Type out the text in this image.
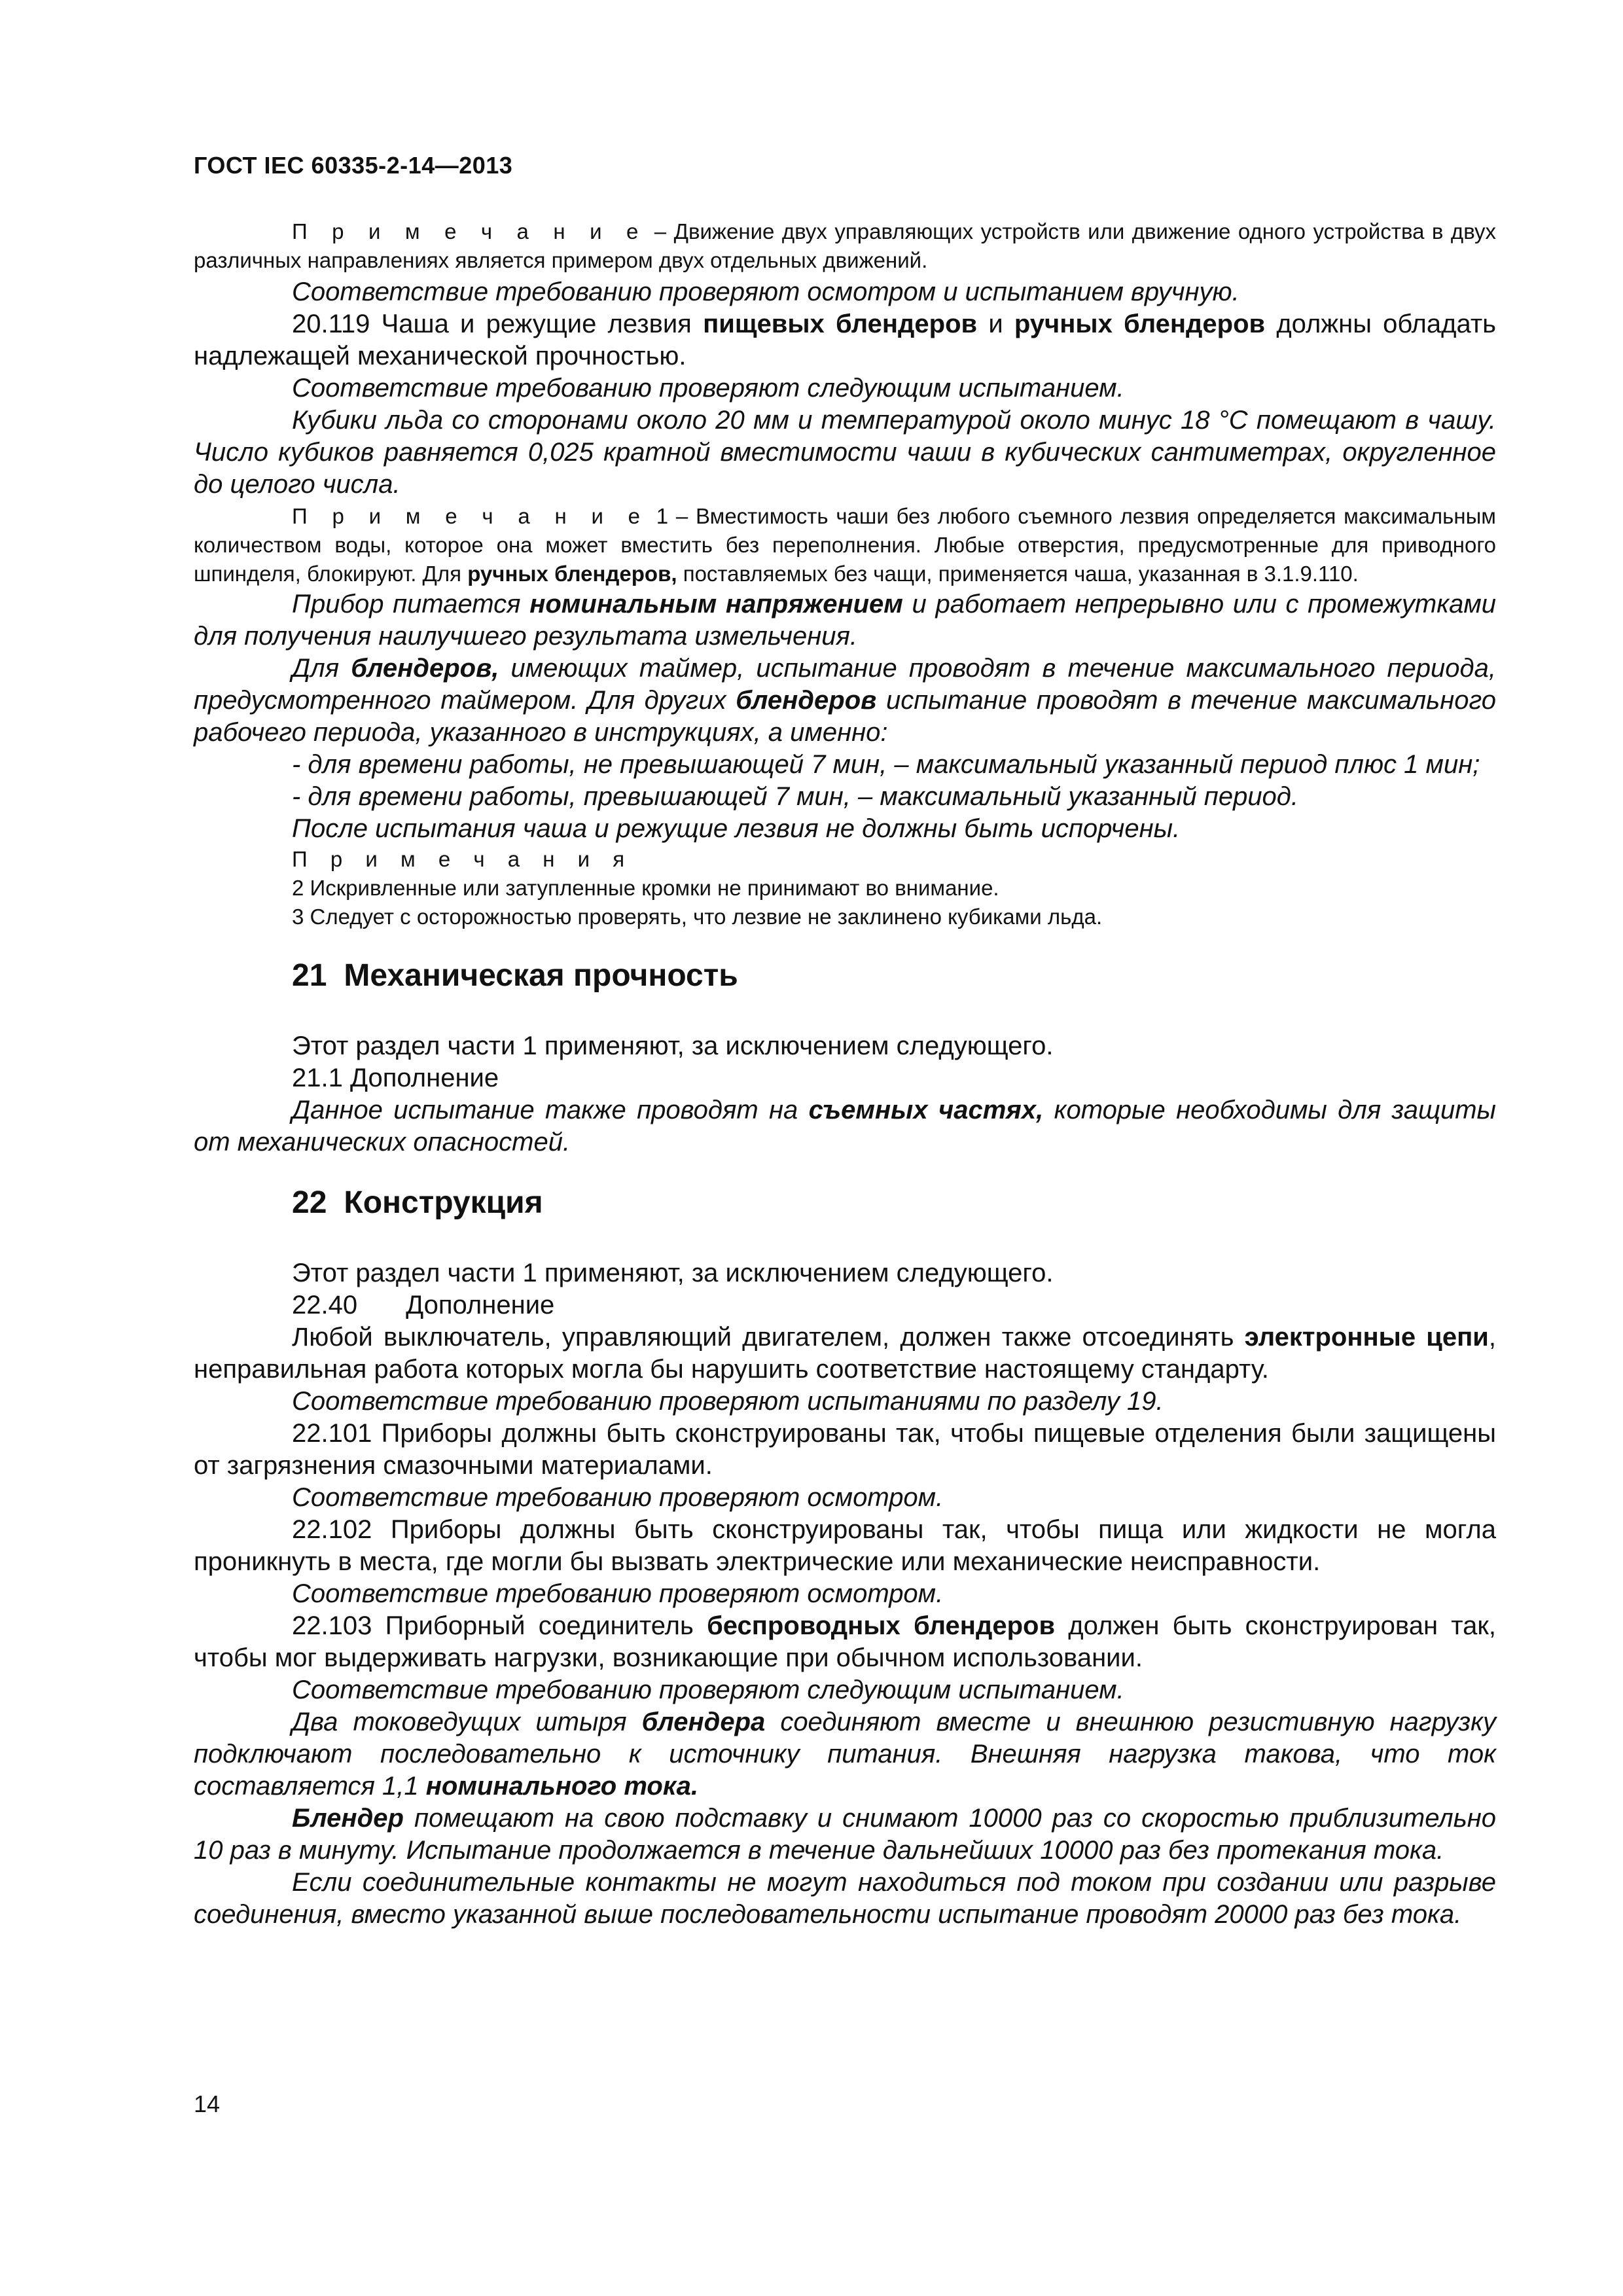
ГОСТ IEC 60335-2-14—2013

П р и м е ч а н и е – Движение двух управляющих устройств или движение одного устройства в двух различных направлениях является примером двух отдельных движений.

Соответствие требованию проверяют осмотром и испытанием вручную.

20.119 Чаша и режущие лезвия пищевых блендеров и ручных блендеров должны обладать надлежащей механической прочностью.

Соответствие требованию проверяют следующим испытанием.

Кубики льда со сторонами около 20 мм и температурой около минус 18 °С помещают в чашу. Число кубиков равняется 0,025 кратной вместимости чаши в кубических сантиметрах, округленное до целого числа.

П р и м е ч а н и е 1 – Вместимость чаши без любого съемного лезвия определяется максимальным количеством воды, которое она может вместить без переполнения. Любые отверстия, предусмотренные для приводного шпинделя, блокируют. Для ручных блендеров, поставляемых без чащи, применяется чаша, указанная в 3.1.9.110.

Прибор питается номинальным напряжением и работает непрерывно или с промежутками для получения наилучшего результата измельчения.

Для блендеров, имеющих таймер, испытание проводят в течение максимального периода, предусмотренного таймером. Для других блендеров испытание проводят в течение максимального рабочего периода, указанного в инструкциях, а именно:

- для времени работы, не превышающей 7 мин, – максимальный указанный период плюс 1 мин;

- для времени работы, превышающей 7 мин, – максимальный указанный период.

После испытания чаша и режущие лезвия не должны быть испорчены.

П р и м е ч а н и я

2 Искривленные или затупленные кромки не принимают во внимание.

3 Следует с осторожностью проверять, что лезвие не заклинено кубиками льда.

21 Механическая прочность

Этот раздел части 1 применяют, за исключением следующего.

21.1 Дополнение

Данное испытание также проводят на съемных частях, которые необходимы для защиты от механических опасностей.

22 Конструкция

Этот раздел части 1 применяют, за исключением следующего.

22.40 Дополнение

Любой выключатель, управляющий двигателем, должен также отсоединять электронные цепи, неправильная работа которых могла бы нарушить соответствие настоящему стандарту.

Соответствие требованию проверяют испытаниями по разделу 19.

22.101 Приборы должны быть сконструированы так, чтобы пищевые отделения были защищены от загрязнения смазочными материалами.

Соответствие требованию проверяют осмотром.

22.102 Приборы должны быть сконструированы так, чтобы пища или жидкости не могла проникнуть в места, где могли бы вызвать электрические или механические неисправности.

Соответствие требованию проверяют осмотром.

22.103 Приборный соединитель беспроводных блендеров должен быть сконструирован так, чтобы мог выдерживать нагрузки, возникающие при обычном использовании.

Соответствие требованию проверяют следующим испытанием.

Два токоведущих штыря блендера соединяют вместе и внешнюю резистивную нагрузку подключают последовательно к источнику питания. Внешняя нагрузка такова, что ток составляется 1,1 номинального тока.

Блендер помещают на свою подставку и снимают 10000 раз со скоростью приблизительно 10 раз в минуту. Испытание продолжается в течение дальнейших 10000 раз без протекания тока.

Если соединительные контакты не могут находиться под током при создании или разрыве соединения, вместо указанной выше последовательности испытание проводят 20000 раз без тока.

14
